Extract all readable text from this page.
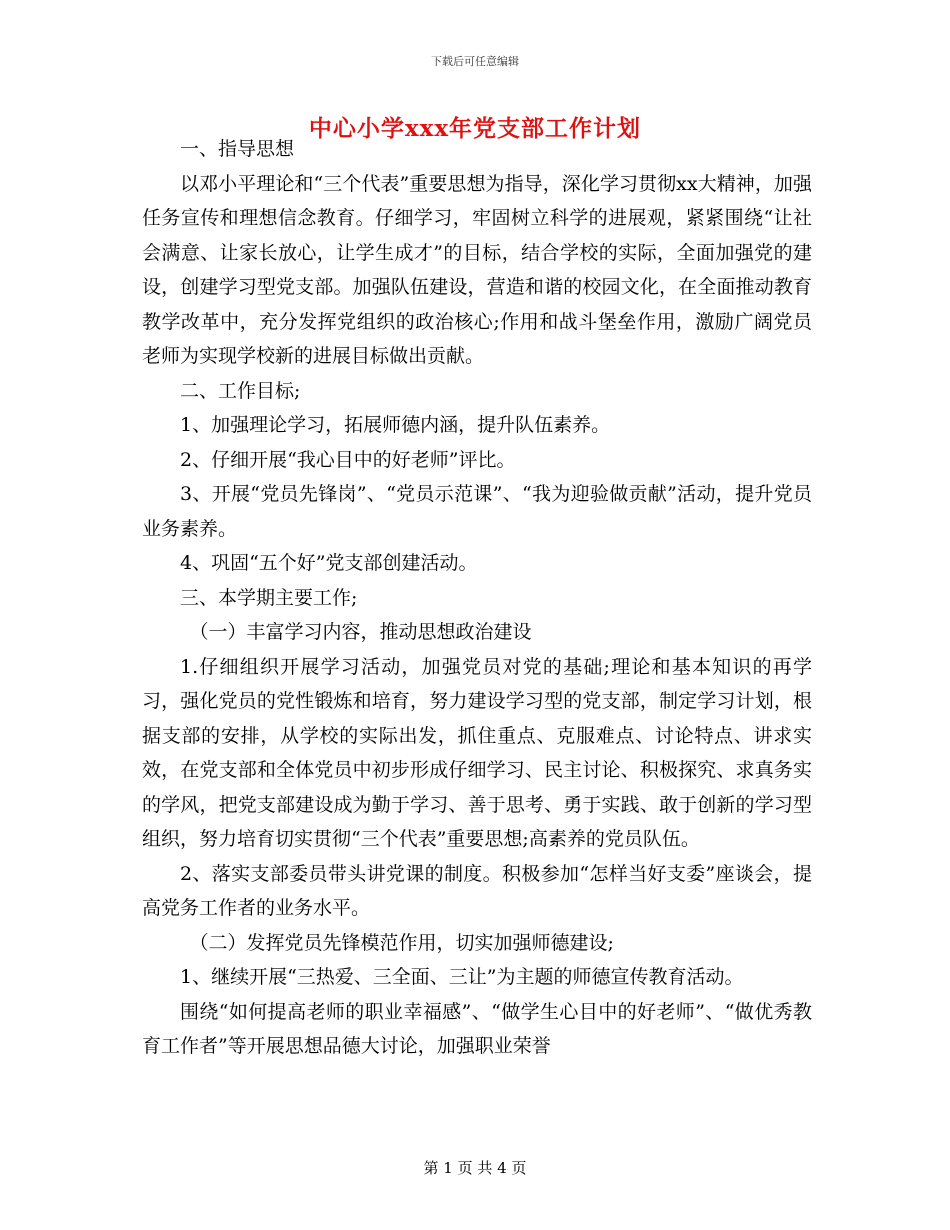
下载后可任意编辑
中心小学xxx年党支部工作计划

一、指导思想

以邓小平理论和“三个代表”重要思想为指导，深化学习贯彻xx大精神，加强任务宣传和理想信念教育。仔细学习，牢固树立科学的进展观，紧紧围绕“让社会满意、让家长放心，让学生成才”的目标，结合学校的实际，全面加强党的建设，创建学习型党支部。加强队伍建设，营造和谐的校园文化，在全面推动教育教学改革中，充分发挥党组织的政治核心;作用和战斗堡垒作用，激励广阔党员老师为实现学校新的进展目标做出贡献。

二、工作目标;

1、加强理论学习，拓展师德内涵，提升队伍素养。

2、仔细开展“我心目中的好老师”评比。

3、开展“党员先锋岗”、“党员示范课”、“我为迎验做贡献”活动，提升党员业务素养。

4、巩固“五个好”党支部创建活动。

三、本学期主要工作;

（一）丰富学习内容，推动思想政治建设

1.仔细组织开展学习活动，加强党员对党的基础;理论和基本知识的再学习，强化党员的党性锻炼和培育，努力建设学习型的党支部，制定学习计划，根据支部的安排，从学校的实际出发，抓住重点、克服难点、讨论特点、讲求实效，在党支部和全体党员中初步形成仔细学习、民主讨论、积极探究、求真务实的学风，把党支部建设成为勤于学习、善于思考、勇于实践、敢于创新的学习型组织，努力培育切实贯彻“三个代表”重要思想;高素养的党员队伍。

2、落实支部委员带头讲党课的制度。积极参加“怎样当好支委”座谈会，提高党务工作者的业务水平。

（二）发挥党员先锋模范作用，切实加强师德建设;

1、继续开展“三热爱、三全面、三让”为主题的师德宣传教育活动。

围绕“如何提高老师的职业幸福感”、“做学生心目中的好老师”、“做优秀教育工作者”等开展思想品德大讨论，加强职业荣誉

第 1 页 共 4 页
